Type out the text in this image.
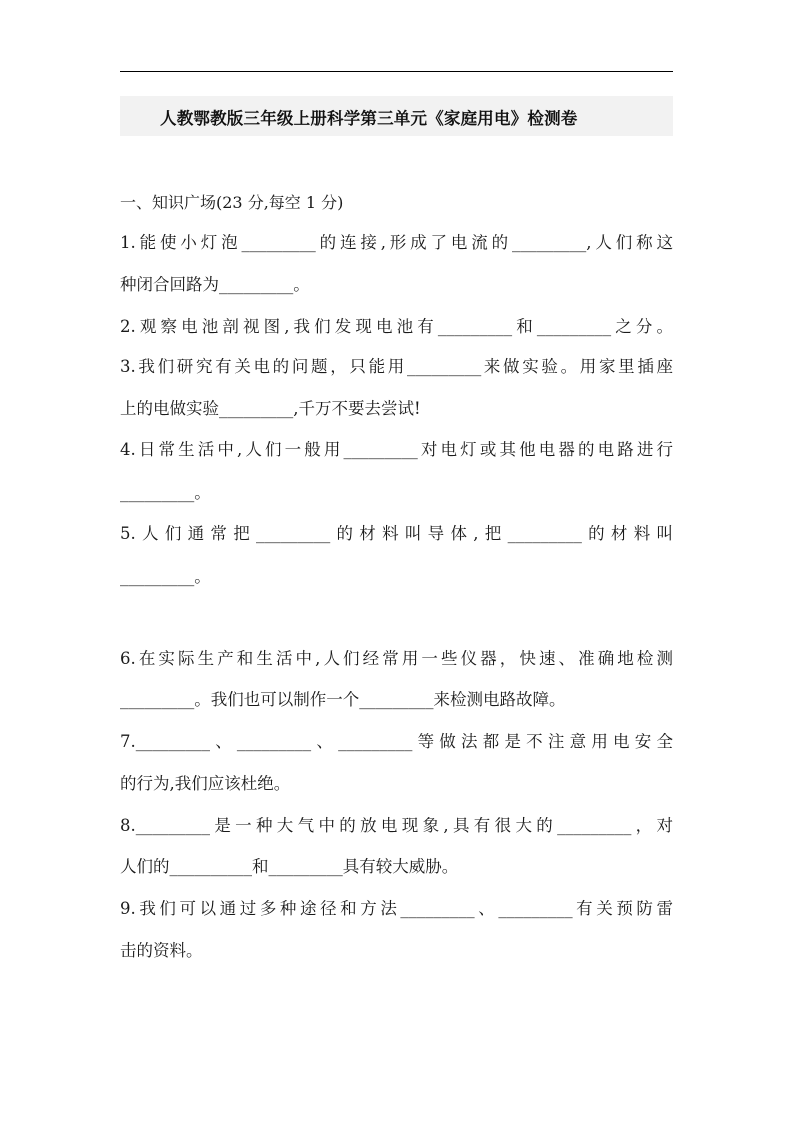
人教鄂教版三年级上册科学第三单元《家庭用电》检测卷
一、知识广场(23 分,每空 1 分)
1.能使小灯泡_________的连接,形成了电流的_________,人们称这
种闭合回路为_________。
2.观察电池剖视图,我们发现电池有_________和_________之分。
3.我们研究有关电的问题，只能用_________来做实验。用家里插座
上的电做实验_________,千万不要去尝试!
4.日常生活中,人们一般用_________对电灯或其他电器的电路进行
_________。
5.人们通常把_________的材料叫导体,把_________的材料叫
_________。
6.在实际生产和生活中,人们经常用一些仪器，快速、准确地检测
_________。我们也可以制作一个_________来检测电路故障。
7._________、_________、_________等做法都是不注意用电安全
的行为,我们应该杜绝。
8._________是一种大气中的放电现象,具有很大的_________，对
人们的__________和_________具有较大威胁。
9.我们可以通过多种途径和方法_________、_________有关预防雷
击的资料。
